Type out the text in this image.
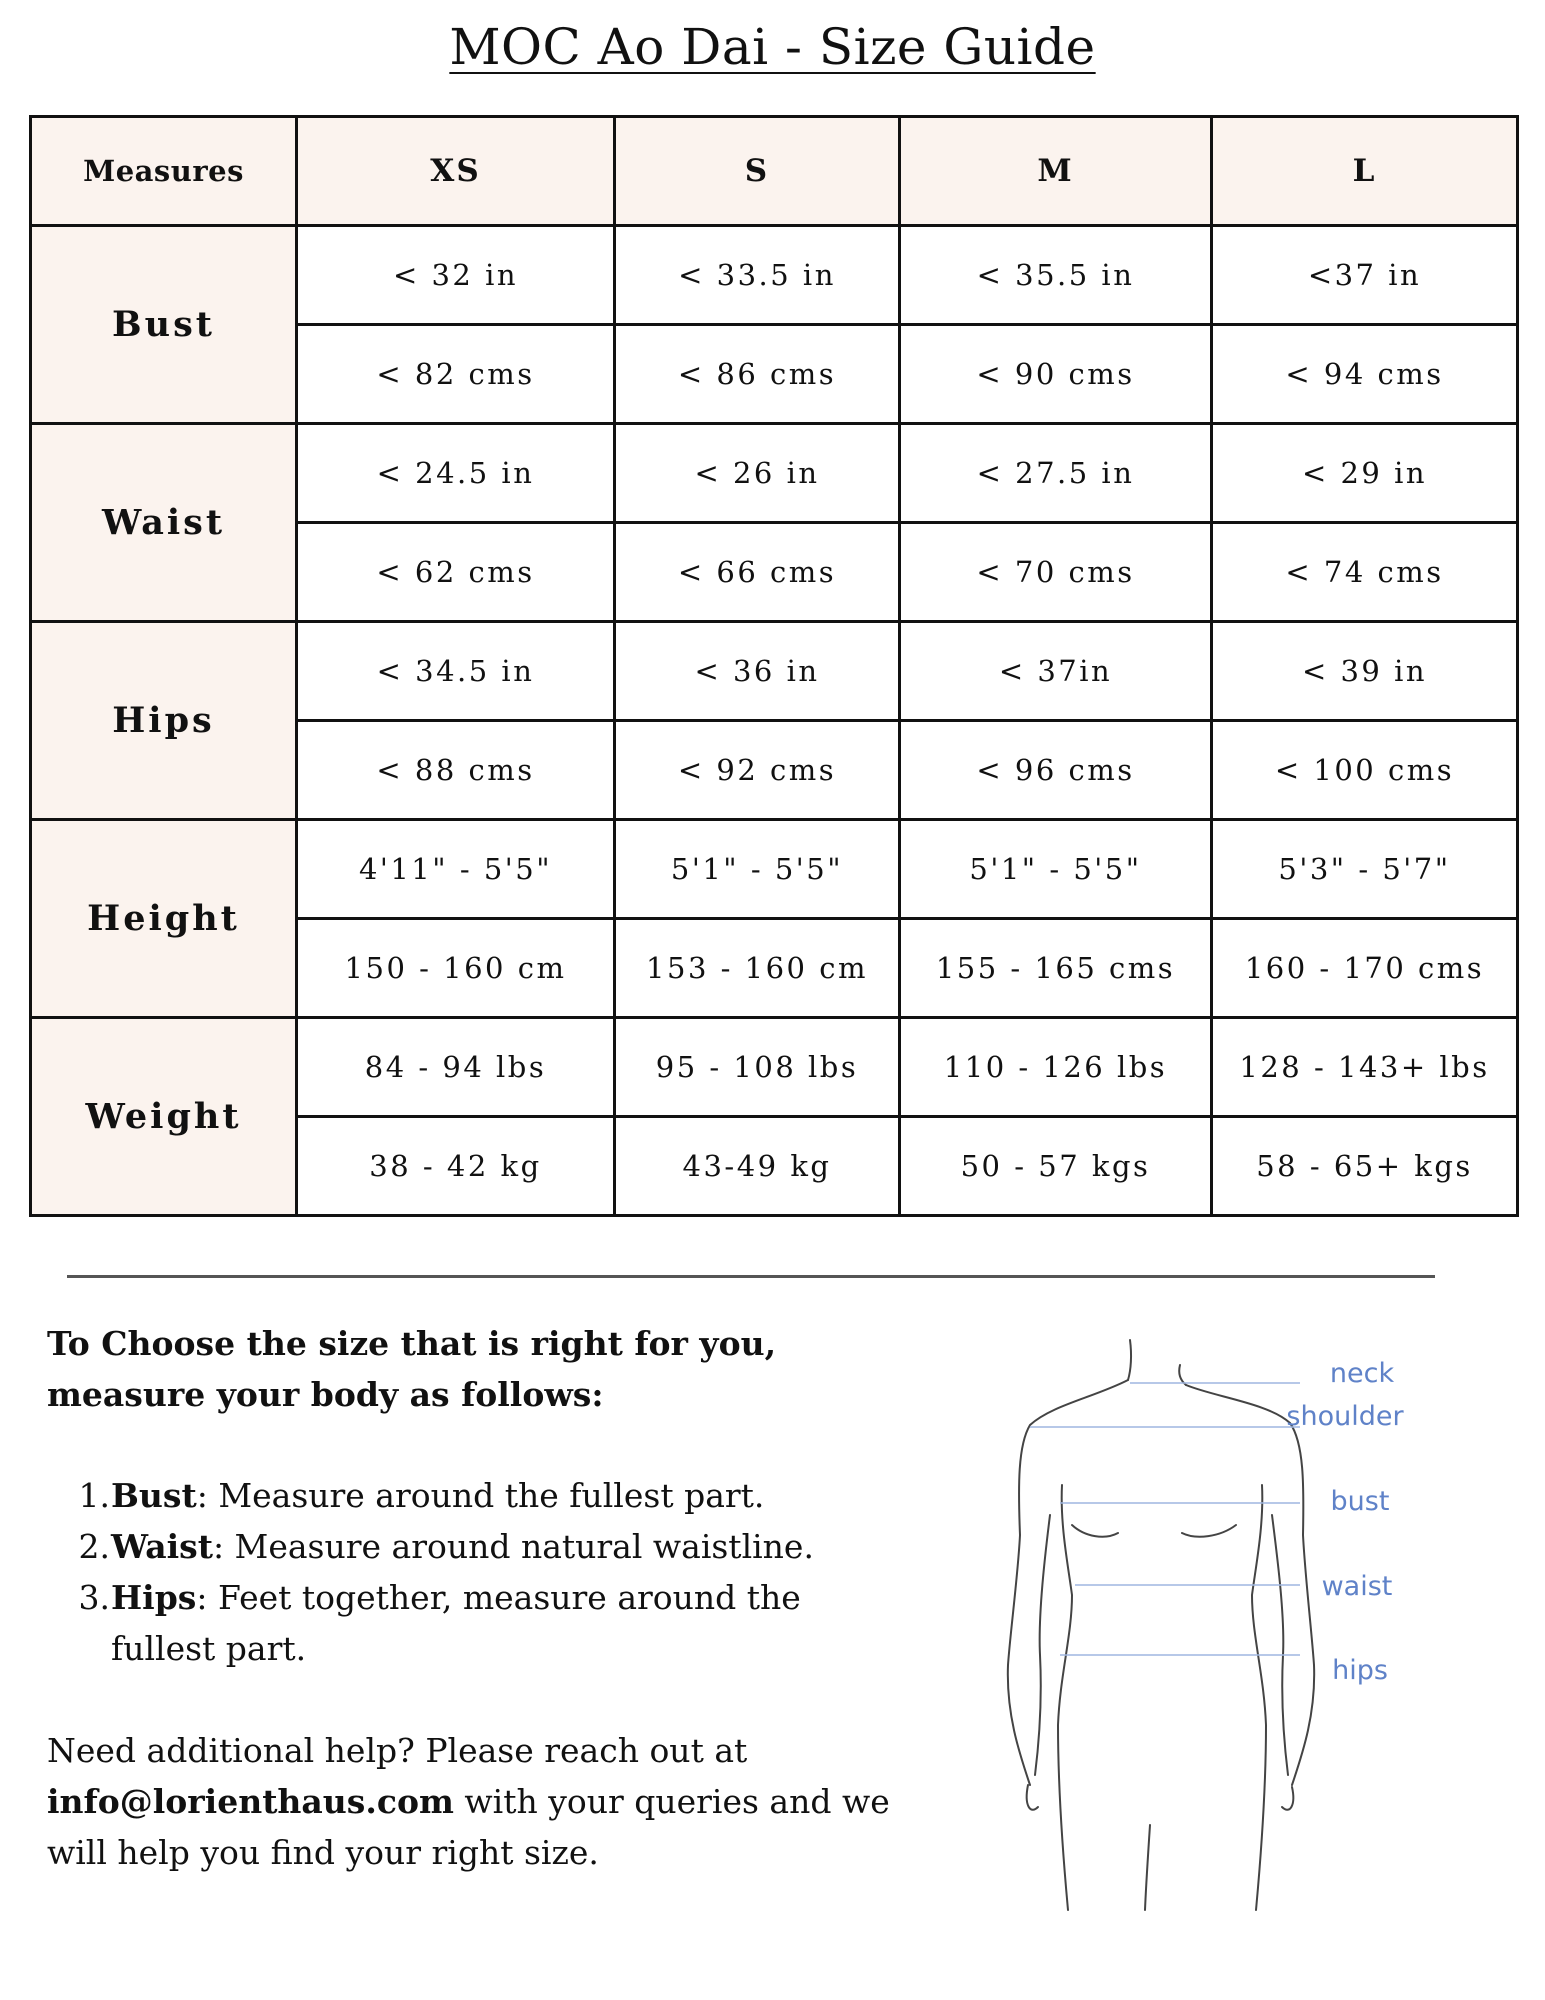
MOC Ao Dai - Size Guide
Measures	XS	S	M	L
Bust	< 32 in	< 33.5 in	< 35.5 in	<37 in
	< 82 cms	< 86 cms	< 90 cms	< 94 cms
Waist	< 24.5 in	< 26 in	< 27.5 in	< 29 in
	< 62 cms	< 66 cms	< 70 cms	< 74 cms
Hips	< 34.5 in	< 36 in	< 37in	< 39 in
	< 88 cms	< 92 cms	< 96 cms	< 100 cms
Height	4'11" - 5'5"	5'1" - 5'5"	5'1" - 5'5"	5'3" - 5'7"
	150 - 160 cm	153 - 160 cm	155 - 165 cms	160 - 170 cms
Weight	84 - 94 lbs	95 - 108 lbs	110 - 126 lbs	128 - 143+ lbs
	38 - 42 kg	43-49 kg	50 - 57 kgs	58 - 65+ kgs
To Choose the size that is right for you, measure your body as follows:
1. Bust: Measure around the fullest part.
2. Waist: Measure around natural waistline.
3. Hips: Feet together, measure around the fullest part.
Need additional help? Please reach out at info@lorienthaus.com with your queries and we will help you find your right size.
neck
shoulder
bust
waist
hips
